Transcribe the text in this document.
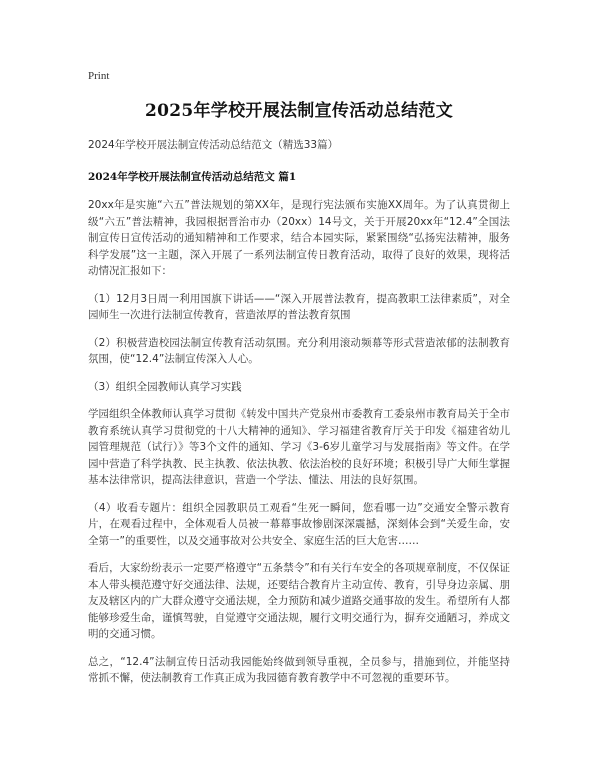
Print
2025年学校开展法制宣传活动总结范文
2024年学校开展法制宣传活动总结范文（精选33篇）
2024年学校开展法制宣传活动总结范文 篇1

20xx年是实施“六五”普法规划的第XX年，是现行宪法颁布实施XX周年。为了认真贯彻上级“六五”普法精神，我园根据晋治市办（20xx）14号文，关于开展20xx年“12.4”全国法制宣传日宣传活动的通知精神和工作要求，结合本园实际，紧紧围绕“弘扬宪法精神，服务科学发展”这一主题，深入开展了一系列法制宣传日教育活动，取得了良好的效果，现将活动情况汇报如下：

（1）12月3日周一利用国旗下讲话——“深入开展普法教育，提高教职工法律素质”，对全园师生一次进行法制宣传教育，营造浓厚的普法教育氛围

（2）积极营造校园法制宣传教育活动氛围。充分利用滚动频幕等形式营造浓郁的法制教育氛围，使“12.4”法制宣传深入人心。

（3）组织全园教师认真学习实践

学园组织全体教师认真学习贯彻《转发中国共产党泉州市委教育工委泉州市教育局关于全市教育系统认真学习贯彻党的十八大精神的通知》、学习福建省教育厅关于印发《福建省幼儿园管理规范（试行）》等3个文件的通知、学习《3-6岁儿童学习与发展指南》等文件。在学园中营造了科学执教、民主执教、依法执教、依法治校的良好环境；积极引导广大师生掌握基本法律常识，提高法律意识，营造一个学法、懂法、用法的良好氛围。

（4）收看专题片：组织全园教职员工观看“生死一瞬间，您看哪一边”交通安全警示教育片，在观看过程中，全体观看人员被一幕幕事故惨剧深深震撼，深刻体会到“关爱生命，安全第一”的重要性，以及交通事故对公共安全、家庭生活的巨大危害……

看后，大家纷纷表示一定要严格遵守“五条禁令”和有关行车安全的各项规章制度，不仅保证本人带头模范遵守好交通法律、法规，还要结合教育片主动宣传、教育，引导身边亲属、朋友及辖区内的广大群众遵守交通法规，全力预防和减少道路交通事故的发生。希望所有人都能够珍爱生命，谨慎驾驶，自觉遵守交通法规，履行文明交通行为，摒弃交通陋习，养成文明的交通习惯。

总之，“12.4”法制宣传日活动我园能始终做到领导重视，全员参与，措施到位，并能坚持常抓不懈，使法制教育工作真正成为我园德育教育教学中不可忽视的重要环节。
